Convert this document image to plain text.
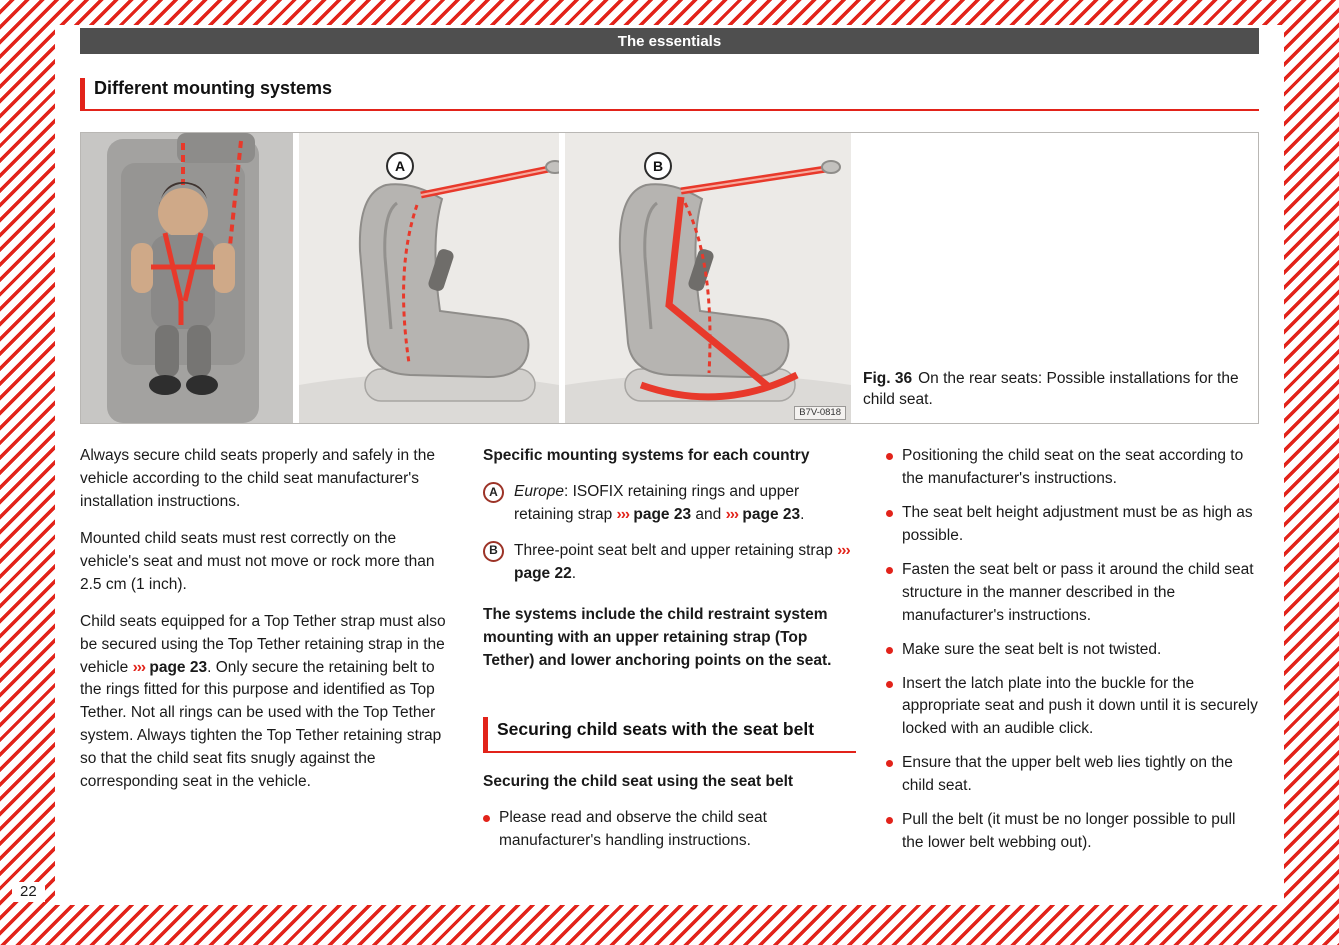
The essentials
Different mounting systems
A	B
B7V-0818
Fig. 36 On the rear seats: Possible installations for the child seat.

Always secure child seats properly and safely in the vehicle according to the child seat manufacturer's installation instructions.

Mounted child seats must rest correctly on the vehicle's seat and must not move or rock more than 2.5 cm (1 inch).

Child seats equipped for a Top Tether strap must also be secured using the Top Tether retaining strap in the vehicle ››› page 23. Only secure the retaining belt to the rings fitted for this purpose and identified as Top Tether. Not all rings can be used with the Top Tether system. Always tighten the Top Tether retaining strap so that the child seat fits snugly against the corresponding seat in the vehicle.

Specific mounting systems for each country
A	Europe: ISOFIX retaining rings and upper retaining strap ››› page 23 and ››› page 23.
B	Three-point seat belt and upper retaining strap ››› page 22.

The systems include the child restraint system mounting with an upper retaining strap (Top Tether) and lower anchoring points on the seat.

Securing child seats with the seat belt
Securing the child seat using the seat belt
Please read and observe the child seat manufacturer's handling instructions.
Positioning the child seat on the seat according to the manufacturer's instructions.
The seat belt height adjustment must be as high as possible.
Fasten the seat belt or pass it around the child seat structure in the manner described in the manufacturer's instructions.
Make sure the seat belt is not twisted.
Insert the latch plate into the buckle for the appropriate seat and push it down until it is securely locked with an audible click.
Ensure that the upper belt web lies tightly on the child seat.
Pull the belt (it must be no longer possible to pull the lower belt webbing out).
22
